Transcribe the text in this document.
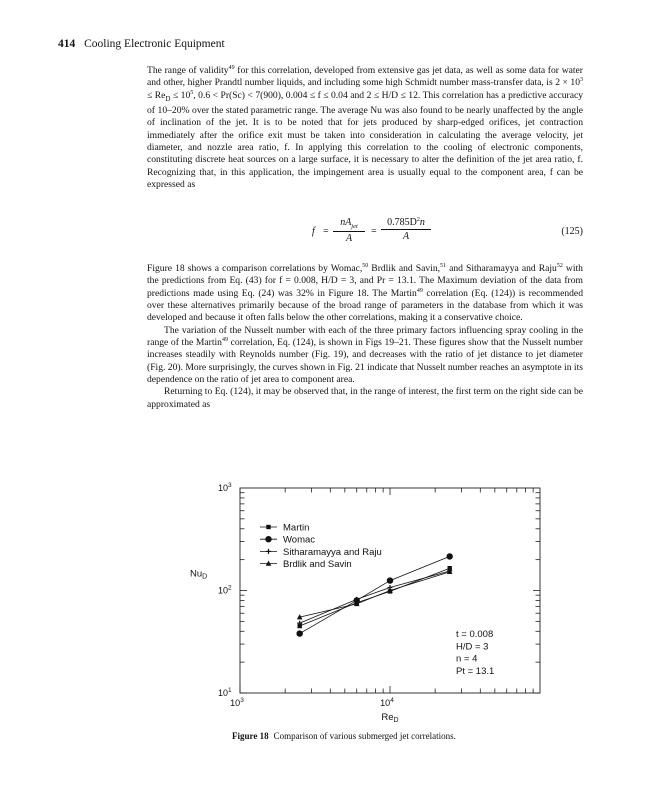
414 Cooling Electronic Equipment

The range of validity$^{49}$ for this correlation, developed from extensive gas jet data, as well as some data for water and other, higher Prandtl number liquids, and including some high Schmidt number mass-transfer data, is $2 \times 10^3 \le Re_D \le 10^5$, 0.6 < Pr(Sc) < 7(900), 0.004 ≤ f ≤ 0.04 and 2 ≤ H/D ≤ 12. This correlation has a predictive accuracy of 10–20% over the stated parametric range. The average Nu was also found to be nearly unaffected by the angle of inclination of the jet. It is to be noted that for jets produced by sharp-edged orifices, jet contraction immediately after the orifice exit must be taken into consideration in calculating the average velocity, jet diameter, and nozzle area ratio, f. In applying this correlation to the cooling of electronic components, constituting discrete heat sources on a large surface, it is necessary to alter the definition of the jet area ratio, f. Recognizing that, in this application, the impingement area is usually equal to the component area, f can be expressed as

f =
$nA_{jet}$
A
= $\frac{0.785D^2n}{A}$	(125)

Figure 18 shows a comparison correlations by Womac,$^{50}$ Brdlik and Savin,$^{51}$ and Sitharamayya and Raju$^{52}$ with the predictions from Eq. (43) for f = 0.008, H/D = 3, and Pr = 13.1. The Maximum deviation of the data from predictions made using Eq. (24) was 32% in Figure 18. The Martin$^{49}$ correlation (Eq. (124)) is recommended over these alternatives primarily because of the broad range of parameters in the database from which it was developed and because it often falls below the other correlations, making it a conservative choice.

The variation of the Nusselt number with each of the three primary factors influencing spray cooling in the range of the Martin$^{49}$ correlation, Eq. (124), is shown in Figs 19–21. These figures show that the Nusselt number increases steadily with Reynolds number (Fig. 19), and decreases with the ratio of jet distance to jet diameter (Fig. 20). More surprisingly, the curves shown in Fig. 21 indicate that Nusselt number reaches an asymptote in its dependence on the ratio of jet area to component area.

Returning to Eq. (124), it may be observed that, in the range of interest, the first term on the right side can be approximated as

$10^3$	$10^4$
$10^1$
$10^2$
$10^3$
$Re_D$
$Nu_D$
Martin
Womac
Sitharamayya and Raju
Brdlik and Savin
t = 0.008
H/D = 3
n = 4
Pt = 13.1
Figure 18 Comparison of various submerged jet correlations.
